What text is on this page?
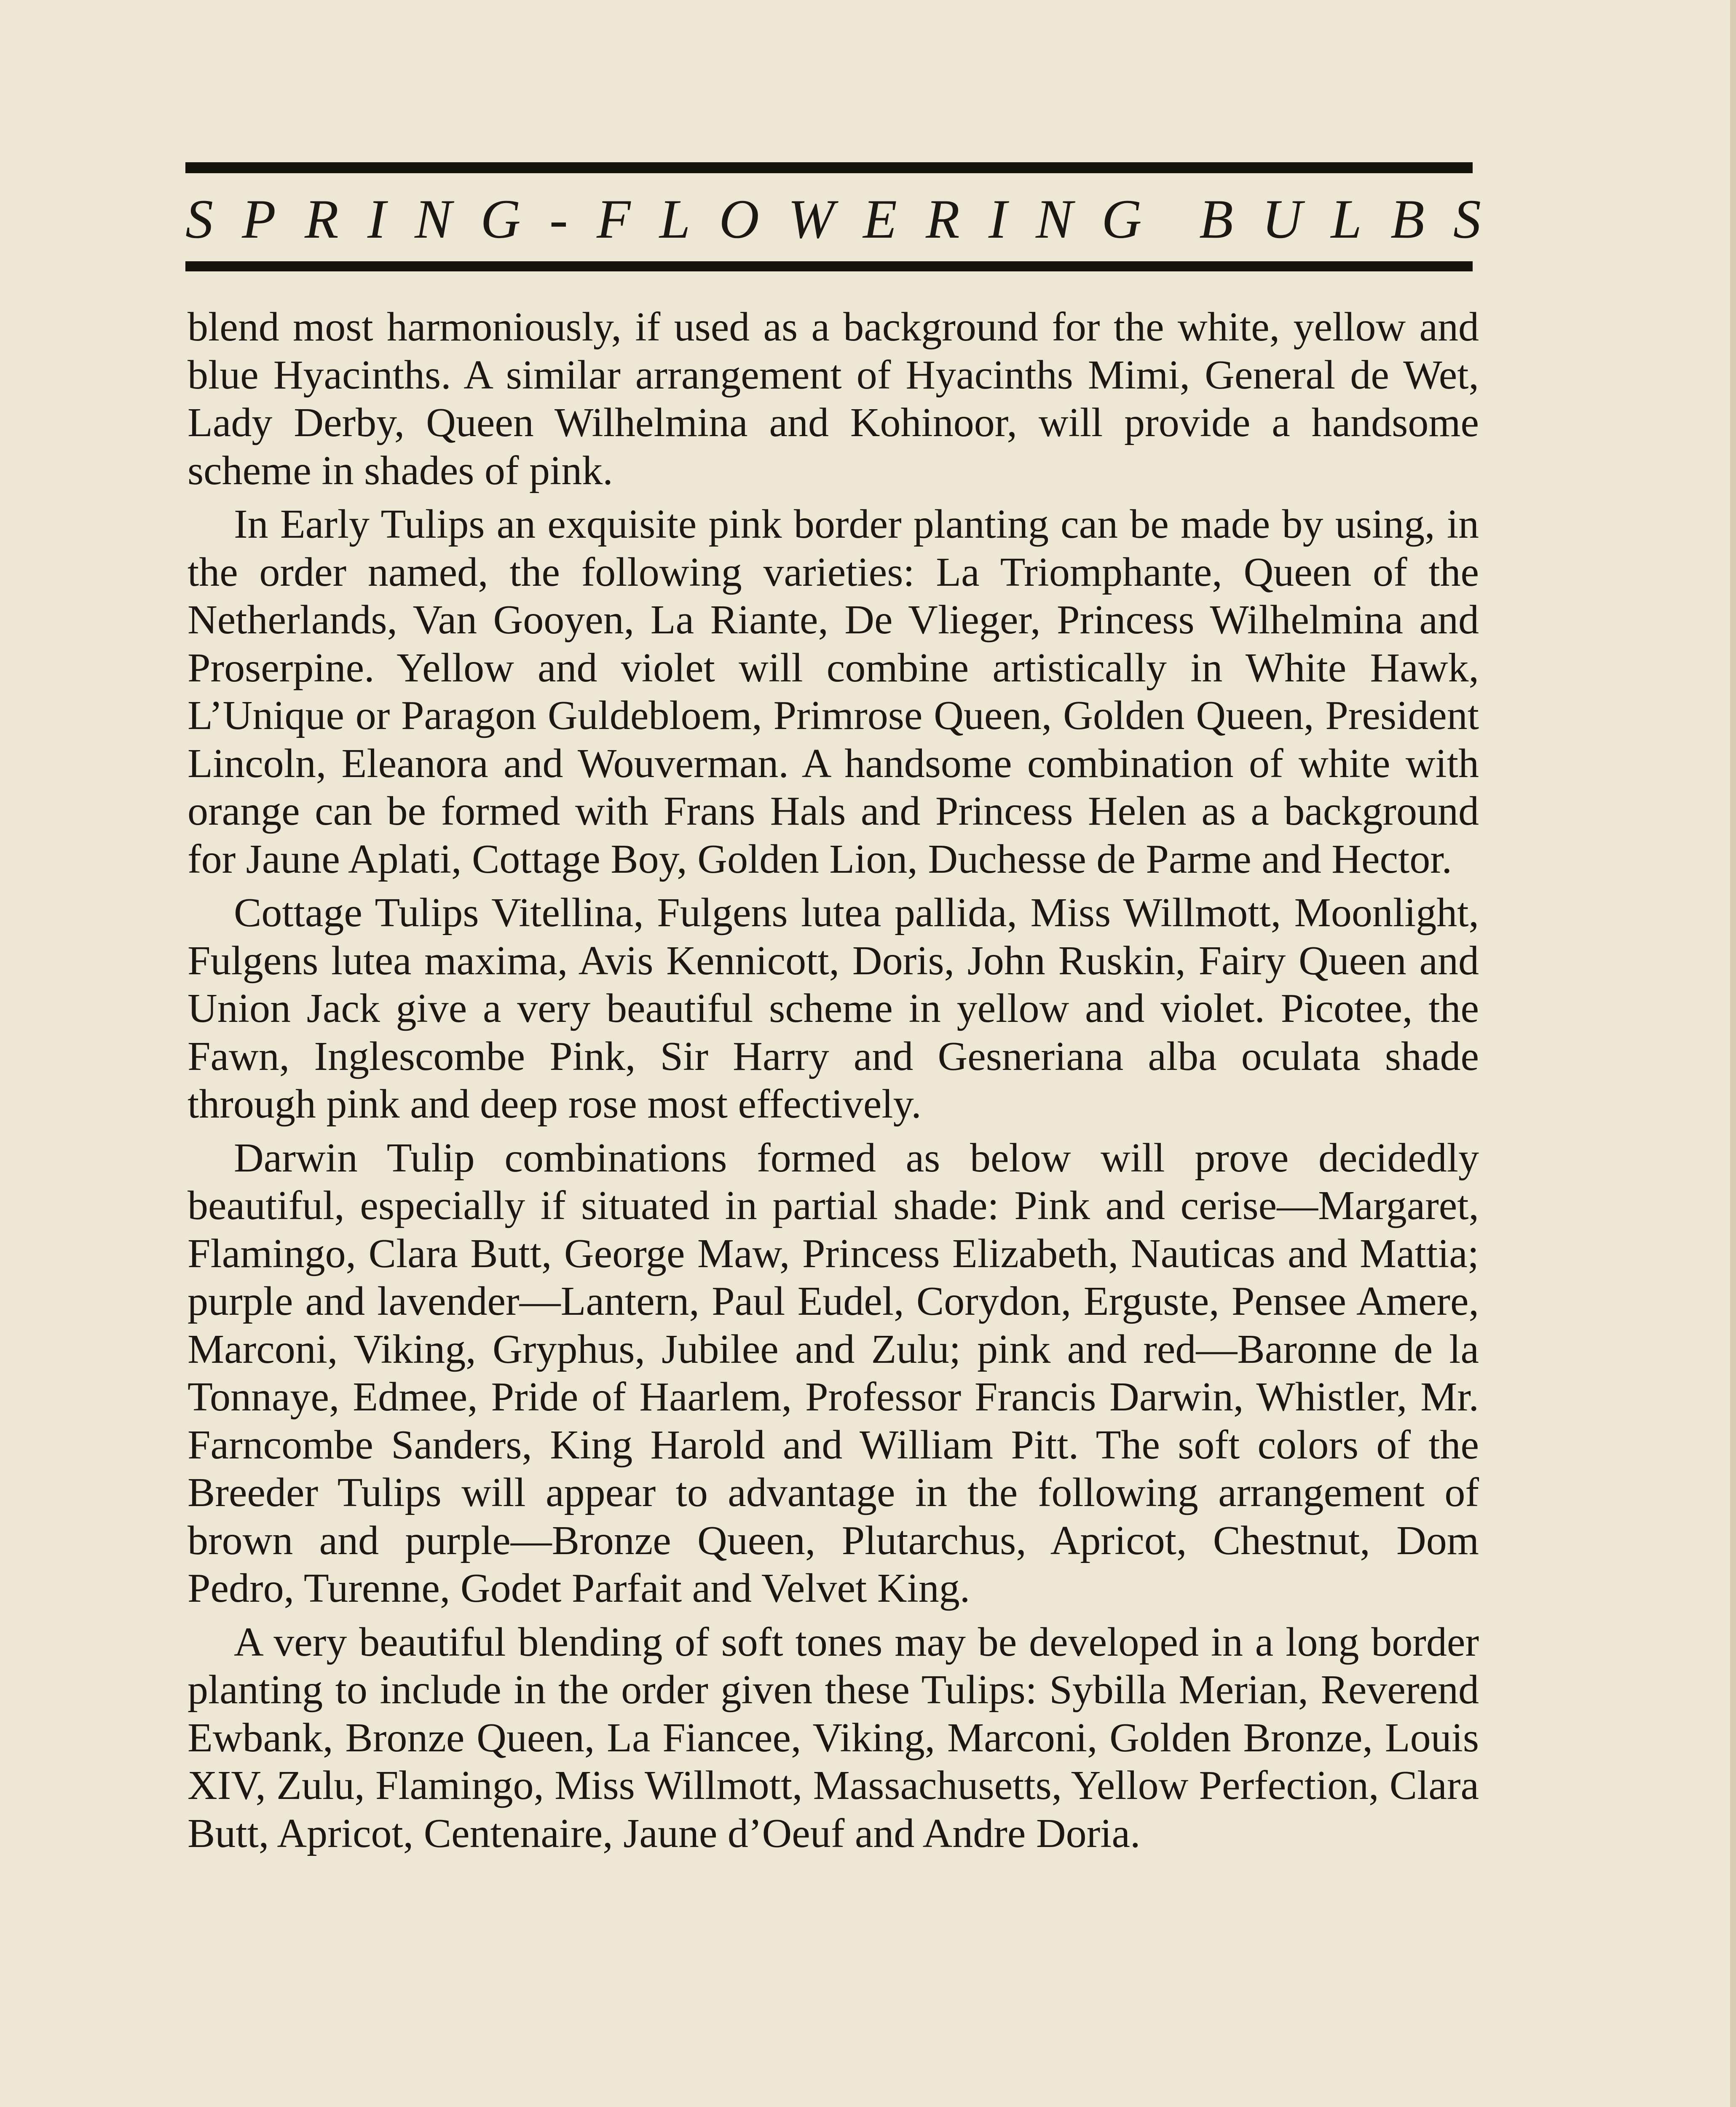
S P R I N G - F L O W E R I N G B U L B S

blend most harmoniously, if used as a background for the white, yellow and blue Hyacinths. A similar arrangement of Hyacinths Mimi, General de Wet, Lady Derby, Queen Wilhelmina and Kohinoor, will provide a handsome scheme in shades of pink.

In Early Tulips an exquisite pink border planting can be made by using, in the order named, the following varieties: La Triomphante, Queen of the Netherlands, Van Gooyen, La Riante, De Vlieger, Princess Wilhelmina and Proserpine. Yellow and violet will combine artistically in White Hawk, L’Unique or Paragon Guldebloem, Primrose Queen, Golden Queen, President Lincoln, Eleanora and Wouverman. A handsome combination of white with orange can be formed with Frans Hals and Princess Helen as a background for Jaune Aplati, Cottage Boy, Golden Lion, Duchesse de Parme and Hector.

Cottage Tulips Vitellina, Fulgens lutea pallida, Miss Willmott, Moonlight, Fulgens lutea maxima, Avis Kennicott, Doris, John Ruskin, Fairy Queen and Union Jack give a very beautiful scheme in yellow and violet. Picotee, the Fawn, Inglescombe Pink, Sir Harry and Gesneriana alba oculata shade through pink and deep rose most effectively.

Darwin Tulip combinations formed as below will prove decidedly beautiful, especially if situated in partial shade: Pink and cerise—Margaret, Flamingo, Clara Butt, George Maw, Princess Elizabeth, Nauticas and Mattia; purple and lavender—Lantern, Paul Eudel, Corydon, Erguste, Pensee Amere, Marconi, Viking, Gryphus, Jubilee and Zulu; pink and red—Baronne de la Tonnaye, Edmee, Pride of Haarlem, Professor Francis Darwin, Whistler, Mr. Farncombe Sanders, King Harold and William Pitt. The soft colors of the Breeder Tulips will appear to advantage in the following arrangement of brown and purple—Bronze Queen, Plutarchus, Apricot, Chestnut, Dom Pedro, Turenne, Godet Parfait and Velvet King.

A very beautiful blending of soft tones may be developed in a long border planting to include in the order given these Tulips: Sybilla Merian, Reverend Ewbank, Bronze Queen, La Fiancee, Viking, Marconi, Golden Bronze, Louis XIV, Zulu, Flamingo, Miss Willmott, Massachusetts, Yellow Perfection, Clara Butt, Apricot, Centenaire, Jaune d’Oeuf and Andre Doria.
